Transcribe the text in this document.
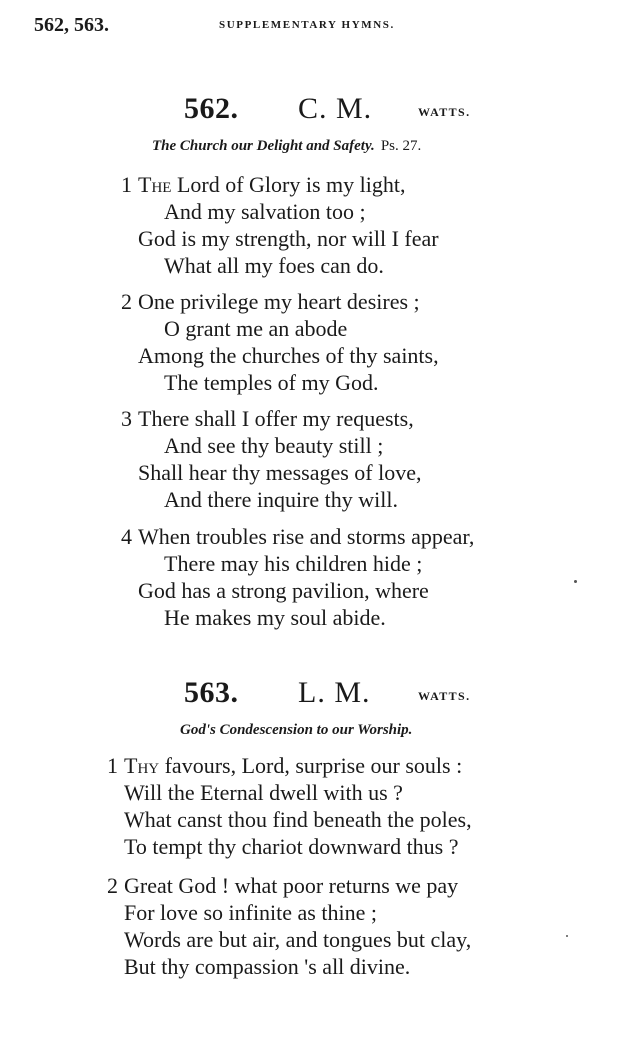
562, 563.	SUPPLEMENTARY HYMNS.
562. C. M.	WATTS.
The Church our Delight and Safety. Ps. 27.
1 The Lord of Glory is my light,
And my salvation too ;
God is my strength, nor will I fear
What all my foes can do.
2 One privilege my heart desires ;
O grant me an abode
Among the churches of thy saints,
The temples of my God.
3 There shall I offer my requests,
And see thy beauty still ;
Shall hear thy messages of love,
And there inquire thy will.
4 When troubles rise and storms appear,
There may his children hide ;
God has a strong pavilion, where
He makes my soul abide.
563. L. M.	WATTS.
God's Condescension to our Worship.
1 Thy favours, Lord, surprise our souls :
Will the Eternal dwell with us ?
What canst thou find beneath the poles,
To tempt thy chariot downward thus ?
2 Great God ! what poor returns we pay
For love so infinite as thine ;
Words are but air, and tongues but clay,
But thy compassion 's all divine.
